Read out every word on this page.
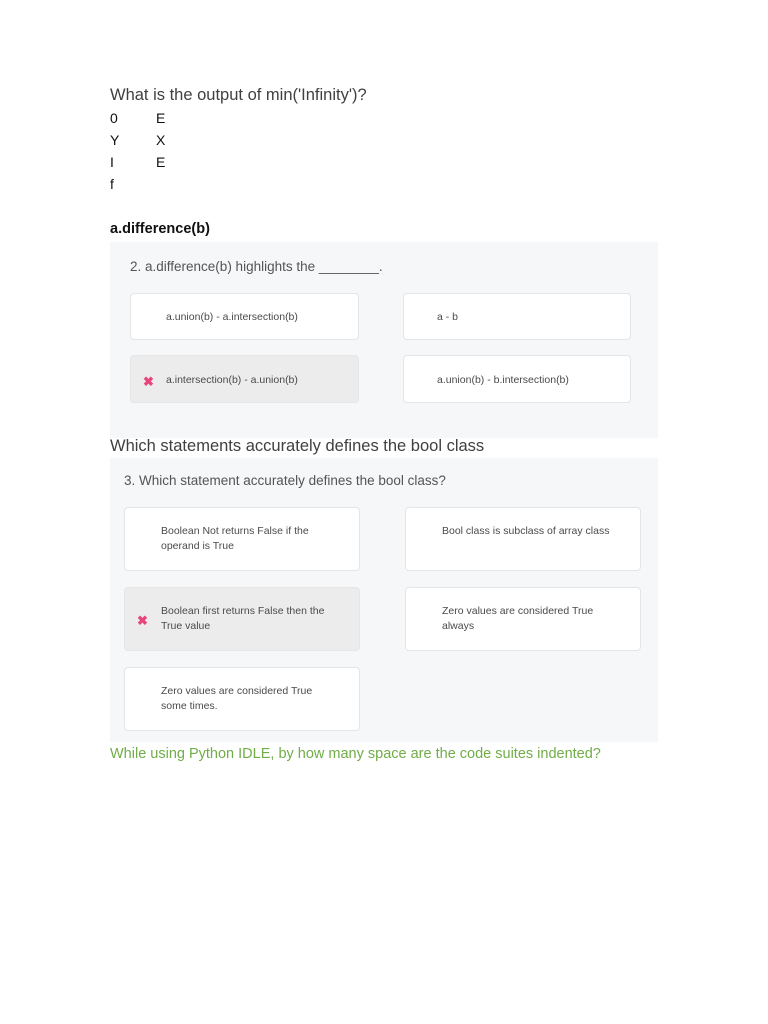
What is the output of min('Infinity')?
0	E
Y	X
I	E
f
a.difference(b)
2. a.difference(b) highlights the ________.
a.union(b) - a.intersection(b)	a - b
✖ a.intersection(b) - a.union(b)	a.union(b) - b.intersection(b)
Which statements accurately defines the bool class
3. Which statement accurately defines the bool class?
Boolean Not returns False if the operand is True
Bool class is subclass of array class
✖
Boolean first returns False then the True value
Zero values are considered True always
Zero values are considered True some times.
While using Python IDLE, by how many space are the code suites indented?
